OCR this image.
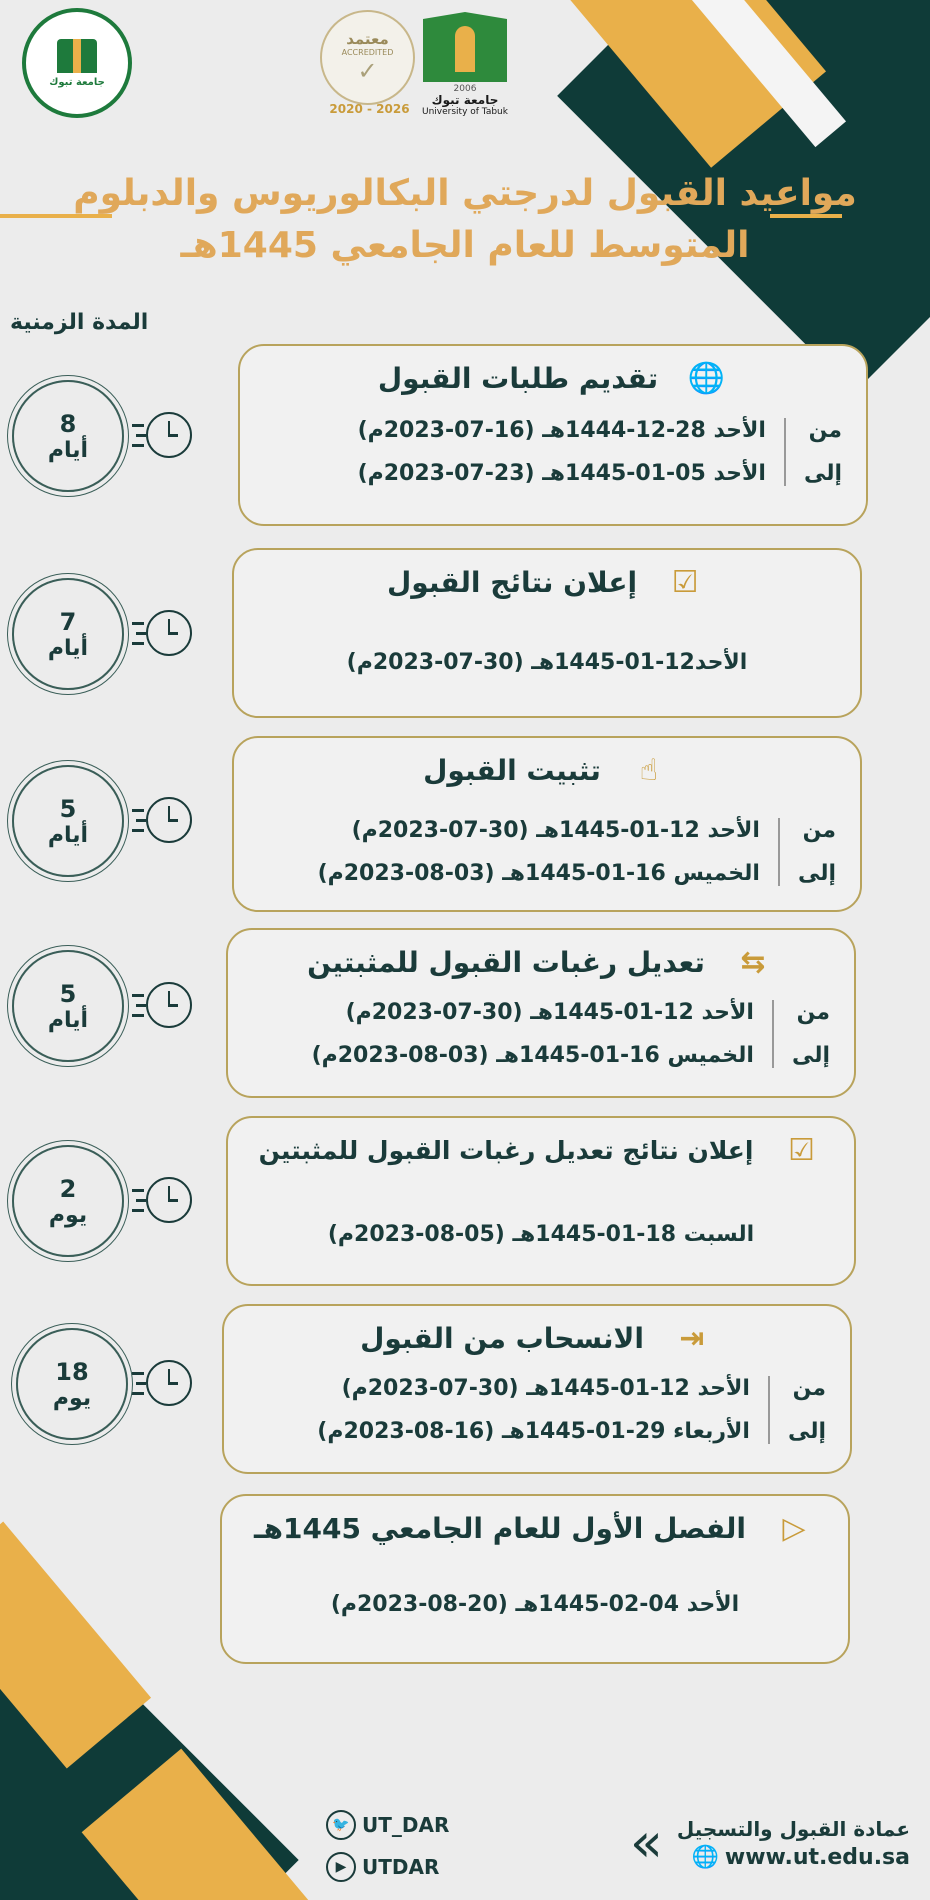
جامعة تبوك
معتمد
ACCREDITED
✓
2020 - 2026
2006
جامعة تبوك
University of Tabuk
مواعيد القبول لدرجتي البكالوريوس والدبلوم
المتوسط للعام الجامعي 1445هـ
المدة الزمنية
🌐
تقديم طلبات القبول
من
إلى
الأحد 28-12-1444هـ (16-07-2023م)
الأحد 05-01-1445هـ (23-07-2023م)
8
أيام
☑
إعلان نتائج القبول
الأحد12-01-1445هـ (30-07-2023م)
7
أيام
☝
تثبيت القبول
من
إلى
الأحد 12-01-1445هـ (30-07-2023م)
الخميس 16-01-1445هـ (03-08-2023م)
5
أيام
⇆
تعديل رغبات القبول للمثبتين
من
إلى
الأحد 12-01-1445هـ (30-07-2023م)
الخميس 16-01-1445هـ (03-08-2023م)
5
أيام
☑
إعلان نتائج تعديل رغبات القبول للمثبتين
السبت 18-01-1445هـ (05-08-2023م)
2
يوم
⇥
الانسحاب من القبول
من
إلى
الأحد 12-01-1445هـ (30-07-2023م)
الأربعاء 29-01-1445هـ (16-08-2023م)
18
يوم
▷
الفصل الأول للعام الجامعي 1445هـ
الأحد 04-02-1445هـ (20-08-2023م)
عمادة القبول والتسجيل
🌐 www.ut.edu.sa
»
🐦 UT_DAR
▶ UTDAR
